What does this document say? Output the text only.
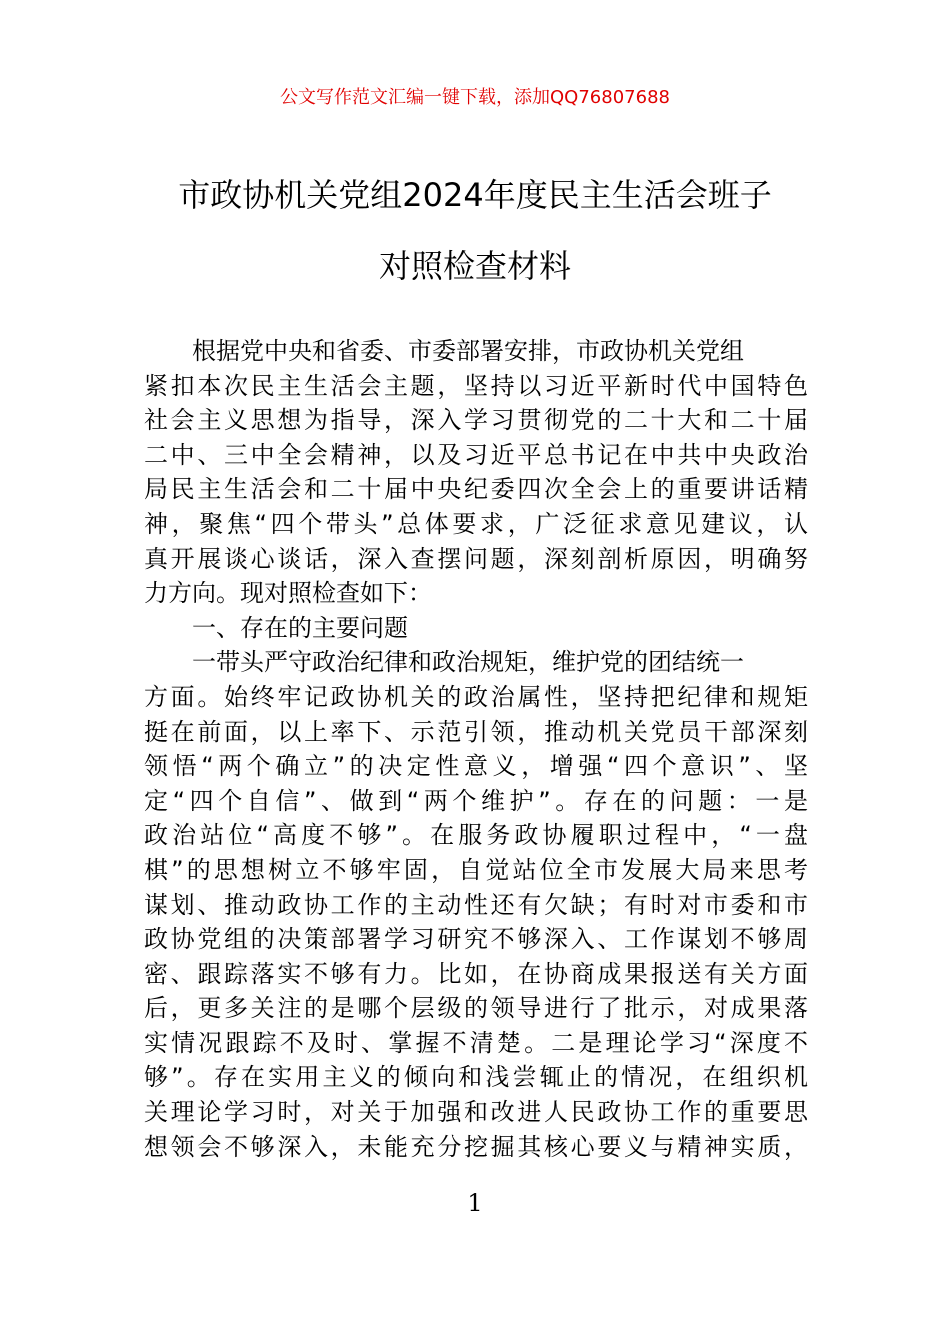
公文写作范文汇编一键下载，添加QQ76807688
市政协机关党组2024年度民主生活会班子
对照检查材料
　　根据党中央和省委、市委部署安排，市政协机关党组
紧扣本次民主生活会主题，坚持以习近平新时代中国特色
社会主义思想为指导，深入学习贯彻党的二十大和二十届
二中、三中全会精神，以及习近平总书记在中共中央政治
局民主生活会和二十届中央纪委四次全会上的重要讲话精
神，聚焦“四个带头”总体要求，广泛征求意见建议，认
真开展谈心谈话，深入查摆问题，深刻剖析原因，明确努
力方向。现对照检查如下：
　　一、存在的主要问题
　　一带头严守政治纪律和政治规矩，维护党的团结统一
方面。始终牢记政协机关的政治属性，坚持把纪律和规矩
挺在前面，以上率下、示范引领，推动机关党员干部深刻
领悟“两个确立”的决定性意义，增强“四个意识”、坚
定“四个自信”、做到“两个维护”。存在的问题：一是
政治站位“高度不够”。在服务政协履职过程中，“一盘
棋”的思想树立不够牢固，自觉站位全市发展大局来思考
谋划、推动政协工作的主动性还有欠缺；有时对市委和市
政协党组的决策部署学习研究不够深入、工作谋划不够周
密、跟踪落实不够有力。比如，在协商成果报送有关方面
后，更多关注的是哪个层级的领导进行了批示，对成果落
实情况跟踪不及时、掌握不清楚。二是理论学习“深度不
够”。存在实用主义的倾向和浅尝辄止的情况，在组织机
关理论学习时，对关于加强和改进人民政协工作的重要思
想领会不够深入，未能充分挖掘其核心要义与精神实质，
1
